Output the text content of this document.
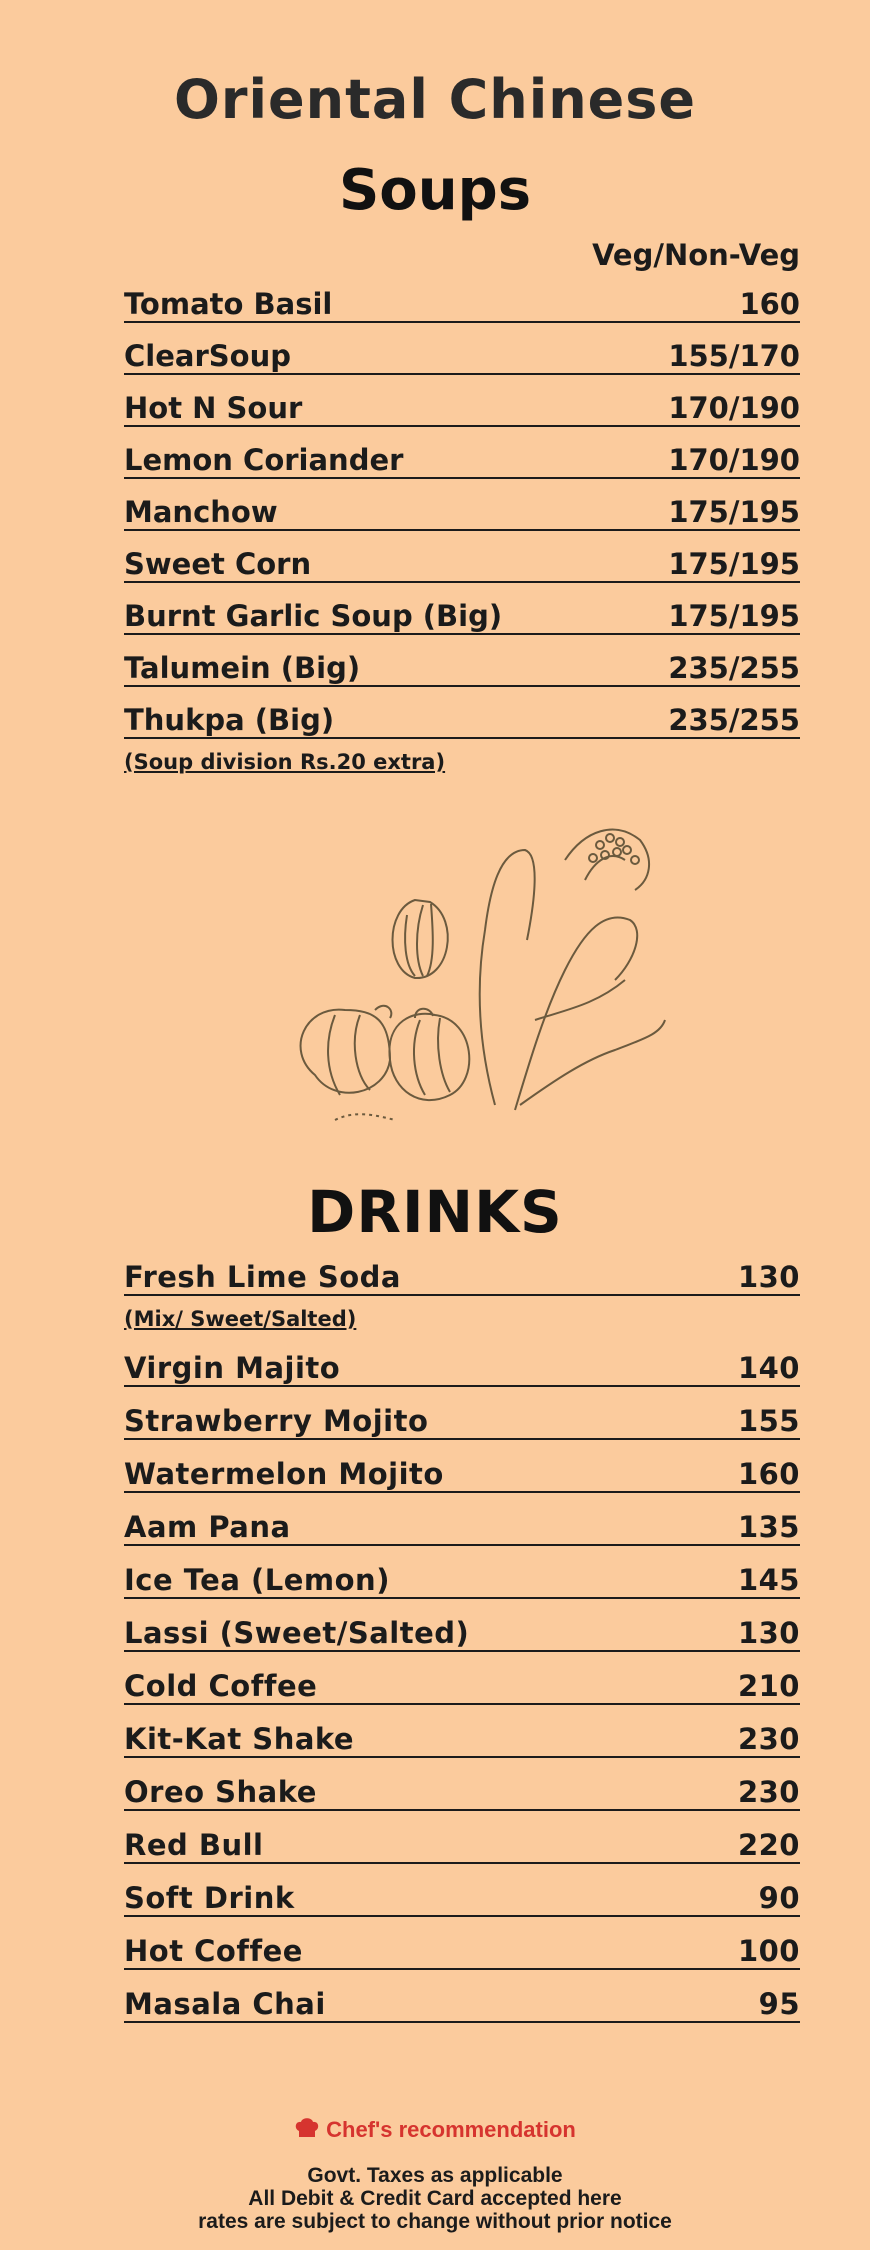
Oriental Chinese
Soups
Veg/Non-Veg
Tomato Basil	160
ClearSoup	155/170
Hot N Sour	170/190
Lemon Coriander	170/190
Manchow	175/195
Sweet Corn	175/195
Burnt Garlic Soup (Big)	175/195
Talumein (Big)	235/255
Thukpa (Big)	235/255
(Soup division Rs.20 extra)
DRINKS
Fresh Lime Soda	130
(Mix/ Sweet/Salted)
Virgin Majito	140
Strawberry Mojito	155
Watermelon Mojito	160
Aam Pana	135
Ice Tea (Lemon)	145
Lassi (Sweet/Salted)	130
Cold Coffee	210
Kit-Kat Shake	230
Oreo Shake	230
Red Bull	220
Soft Drink	90
Hot Coffee	100
Masala Chai	95
Chef's recommendation
Govt. Taxes as applicable
All Debit & Credit Card accepted here
rates are subject to change without prior notice
